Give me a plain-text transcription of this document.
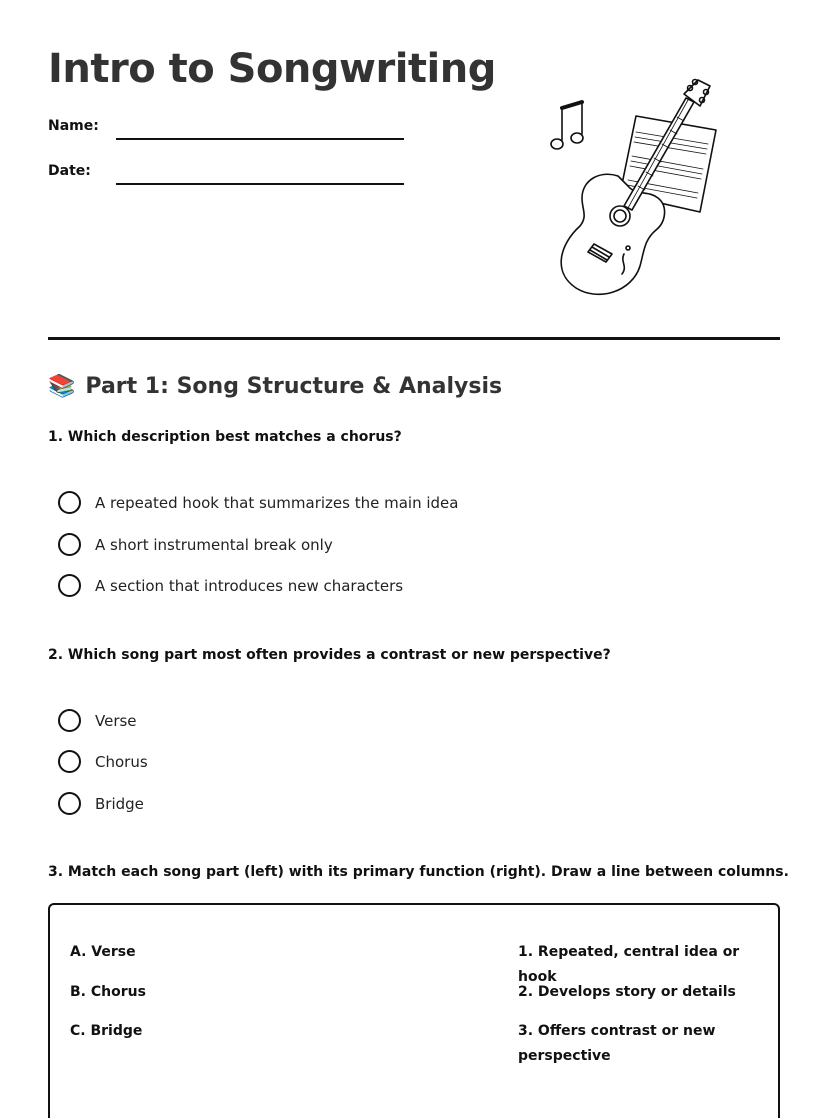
Intro to Songwriting
Name:
Date:
📚 Part 1: Song Structure & Analysis
1. Which description best matches a chorus?
A repeated hook that summarizes the main idea
A short instrumental break only
A section that introduces new characters
2. Which song part most often provides a contrast or new perspective?
Verse
Chorus
Bridge
3. Match each song part (left) with its primary function (right). Draw a line between columns.
A. Verse
B. Chorus
C. Bridge
1. Repeated, central idea or hook
2. Develops story or details
3. Offers contrast or new perspective
